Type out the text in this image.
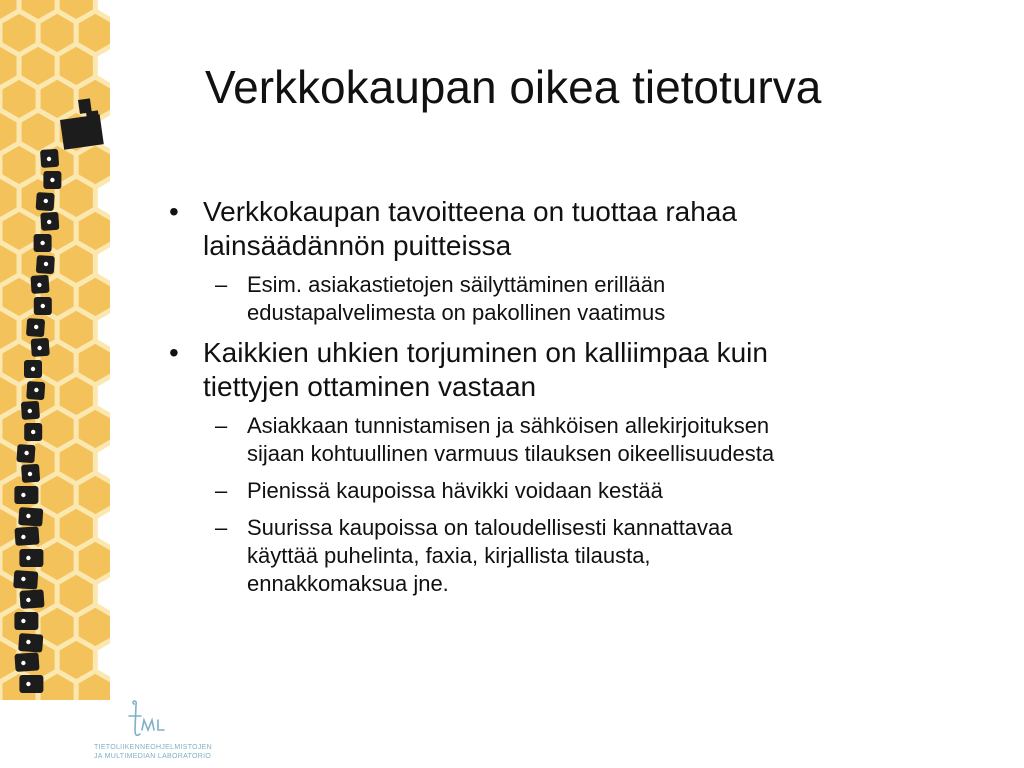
Verkkokaupan oikea tietoturva
• Verkkokaupan tavoitteena on tuottaa rahaa
lainsäädännön puitteissa
– Esim. asiakastietojen säilyttäminen erillään
edustapalvelimesta on pakollinen vaatimus
• Kaikkien uhkien torjuminen on kalliimpaa kuin
tiettyjen ottaminen vastaan
– Asiakkaan tunnistamisen ja sähköisen allekirjoituksen
sijaan kohtuullinen varmuus tilauksen oikeellisuudesta
– Pienissä kaupoissa hävikki voidaan kestää
– Suurissa kaupoissa on taloudellisesti kannattavaa
käyttää puhelinta, faxia, kirjallista tilausta,
ennakkomaksua jne.
TIETOLIIKENNEOHJELMISTOJEN
JA MULTIMEDIAN LABORATORIO
